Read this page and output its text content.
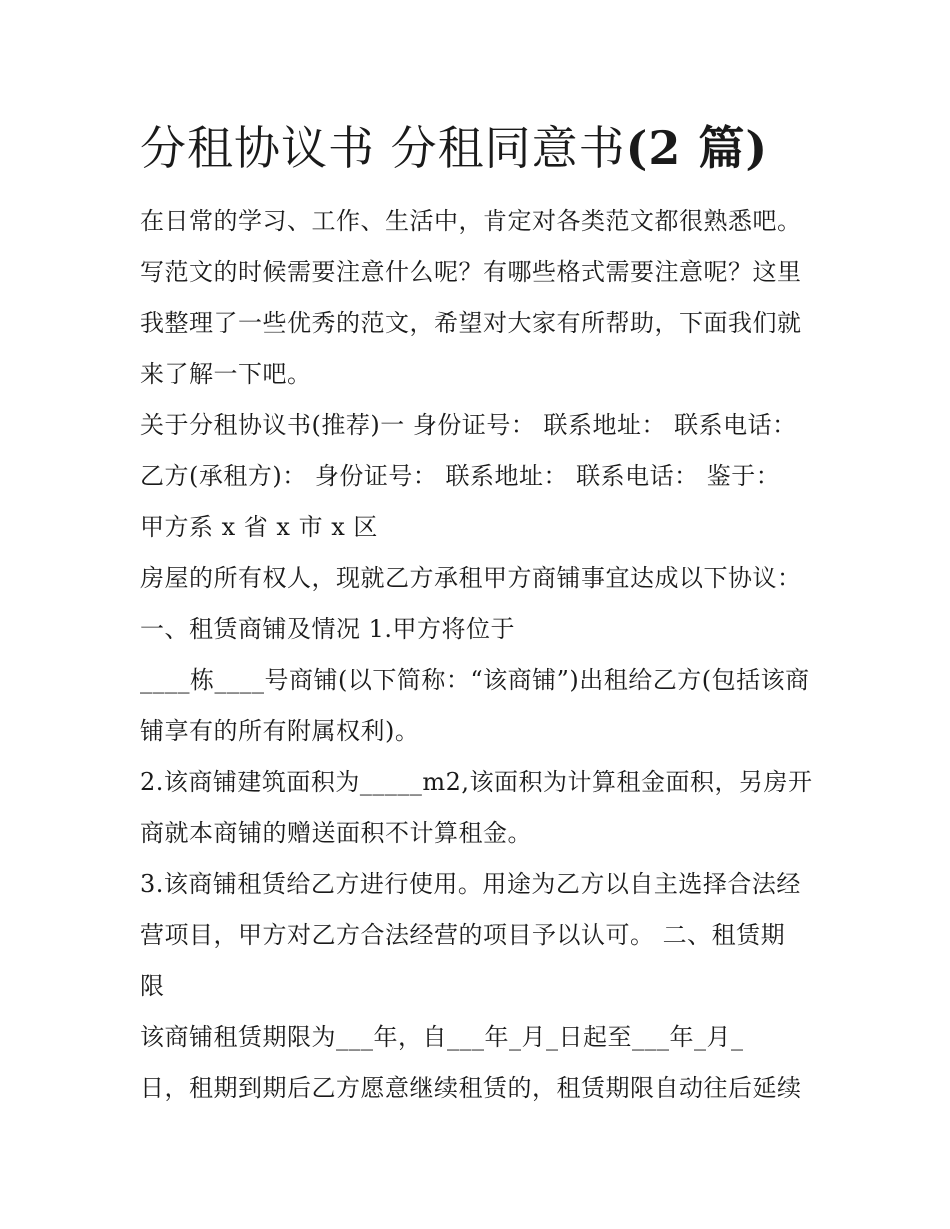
分租协议书 分租同意书(2 篇)
在日常的学习、工作、生活中，肯定对各类范文都很熟悉吧。
写范文的时候需要注意什么呢？有哪些格式需要注意呢？这里
我整理了一些优秀的范文，希望对大家有所帮助，下面我们就
来了解一下吧。
关于分租协议书(推荐)一 身份证号： 联系地址： 联系电话：
乙方(承租方)： 身份证号： 联系地址： 联系电话： 鉴于：
甲方系 x 省 x 市 x 区
房屋的所有权人，现就乙方承租甲方商铺事宜达成以下协议：
一、租赁商铺及情况 1.甲方将位于
____栋____号商铺(以下简称：“该商铺”)出租给乙方(包括该商
铺享有的所有附属权利)。
2.该商铺建筑面积为_____m2,该面积为计算租金面积，另房开
商就本商铺的赠送面积不计算租金。
3.该商铺租赁给乙方进行使用。用途为乙方以自主选择合法经
营项目，甲方对乙方合法经营的项目予以认可。 二、租赁期
限
该商铺租赁期限为___年，自___年_月_日起至___年_月_
日，租期到期后乙方愿意继续租赁的，租赁期限自动往后延续
